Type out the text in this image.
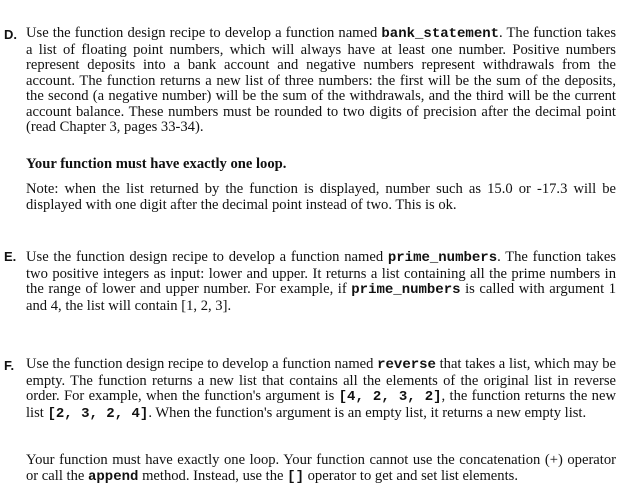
D. Use the function design recipe to develop a function named bank_statement. The function takes a list of floating point numbers, which will always have at least one number. Positive numbers represent deposits into a bank account and negative numbers represent withdrawals from the account. The function returns a new list of three numbers: the first will be the sum of the deposits, the second (a negative number) will be the sum of the withdrawals, and the third will be the current account balance. These numbers must be rounded to two digits of precision after the decimal point (read Chapter 3, pages 33-34).

Your function must have exactly one loop.

Note: when the list returned by the function is displayed, number such as 15.0 or -17.3 will be displayed with one digit after the decimal point instead of two. This is ok.

E. Use the function design recipe to develop a function named prime_numbers. The function takes two positive integers as input: lower and upper. It returns a list containing all the prime numbers in the range of lower and upper number. For example, if prime_numbers is called with argument 1 and 4, the list will contain [1, 2, 3].

F. Use the function design recipe to develop a function named reverse that takes a list, which may be empty. The function returns a new list that contains all the elements of the original list in reverse order. For example, when the function's argument is [4, 2, 3, 2], the function returns the new list [2, 3, 2, 4]. When the function's argument is an empty list, it returns a new empty list.

Your function must have exactly one loop. Your function cannot use the concatenation (+) operator or call the append method. Instead, use the [] operator to get and set list elements.
